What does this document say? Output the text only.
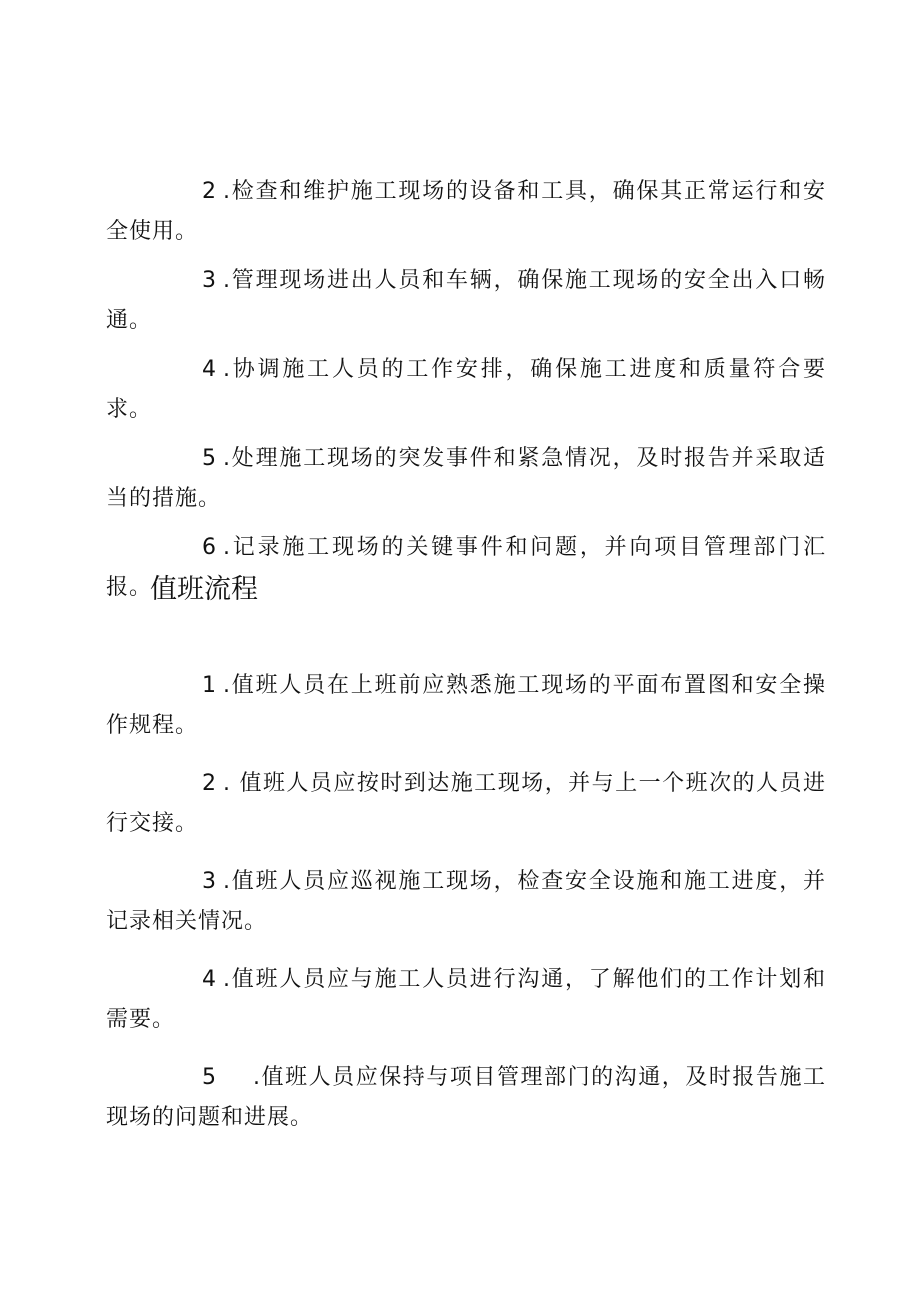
2 .检查和维护施工现场的设备和工具，确保其正常运行和安全使用。

3 .管理现场进出人员和车辆，确保施工现场的安全出入口畅通。

4 .协调施工人员的工作安排，确保施工进度和质量符合要求。

5 .处理施工现场的突发事件和紧急情况，及时报告并采取适当的措施。

6 .记录施工现场的关键事件和问题，并向项目管理部门汇报。

值班流程

1 .值班人员在上班前应熟悉施工现场的平面布置图和安全操作规程。

2 . 值班人员应按时到达施工现场，并与上一个班次的人员进行交接。

3 .值班人员应巡视施工现场，检查安全设施和施工进度，并记录相关情况。

4 .值班人员应与施工人员进行沟通，了解他们的工作计划和需要。

5 .值班人员应保持与项目管理部门的沟通，及时报告施工现场的问题和进展。
